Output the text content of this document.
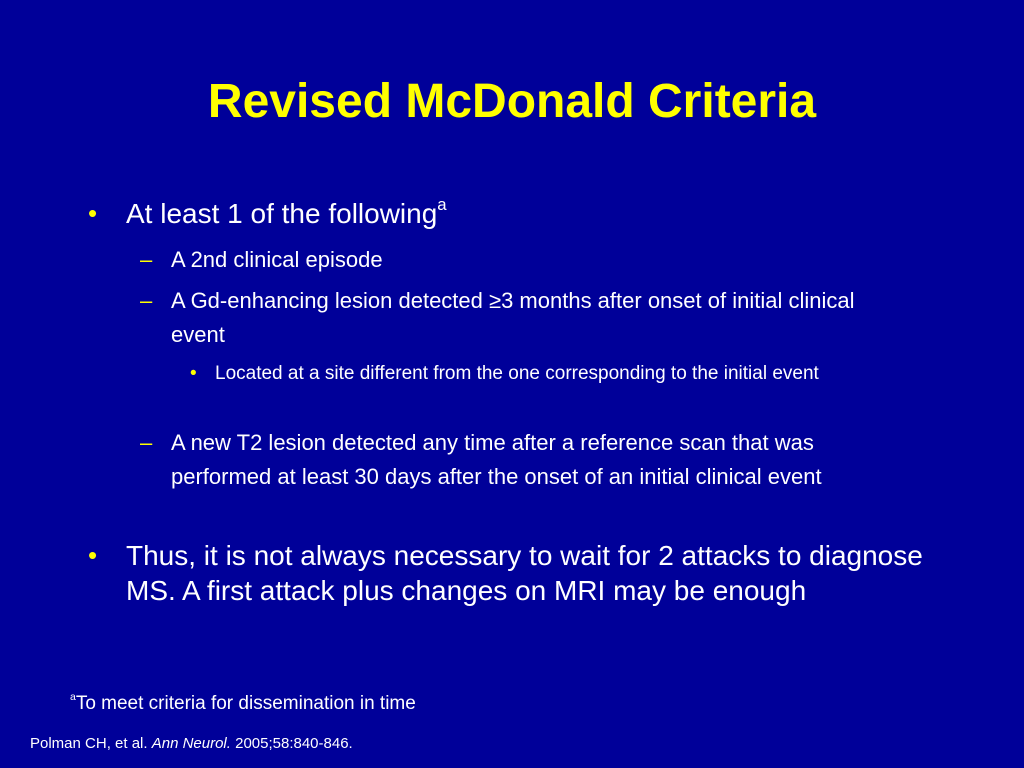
Revised McDonald Criteria
• At least 1 of the following$^a$
– A 2nd clinical episode
– A Gd-enhancing lesion detected ≥3 months after onset of initial clinical event
• Located at a site different from the one corresponding to the initial event
– A new T2 lesion detected any time after a reference scan that was performed at least 30 days after the onset of an initial clinical event
• Thus, it is not always necessary to wait for 2 attacks to diagnose MS. A first attack plus changes on MRI may be enough
$^a$To meet criteria for dissemination in time
Polman CH, et al. Ann Neurol. 2005;58:840-846.
